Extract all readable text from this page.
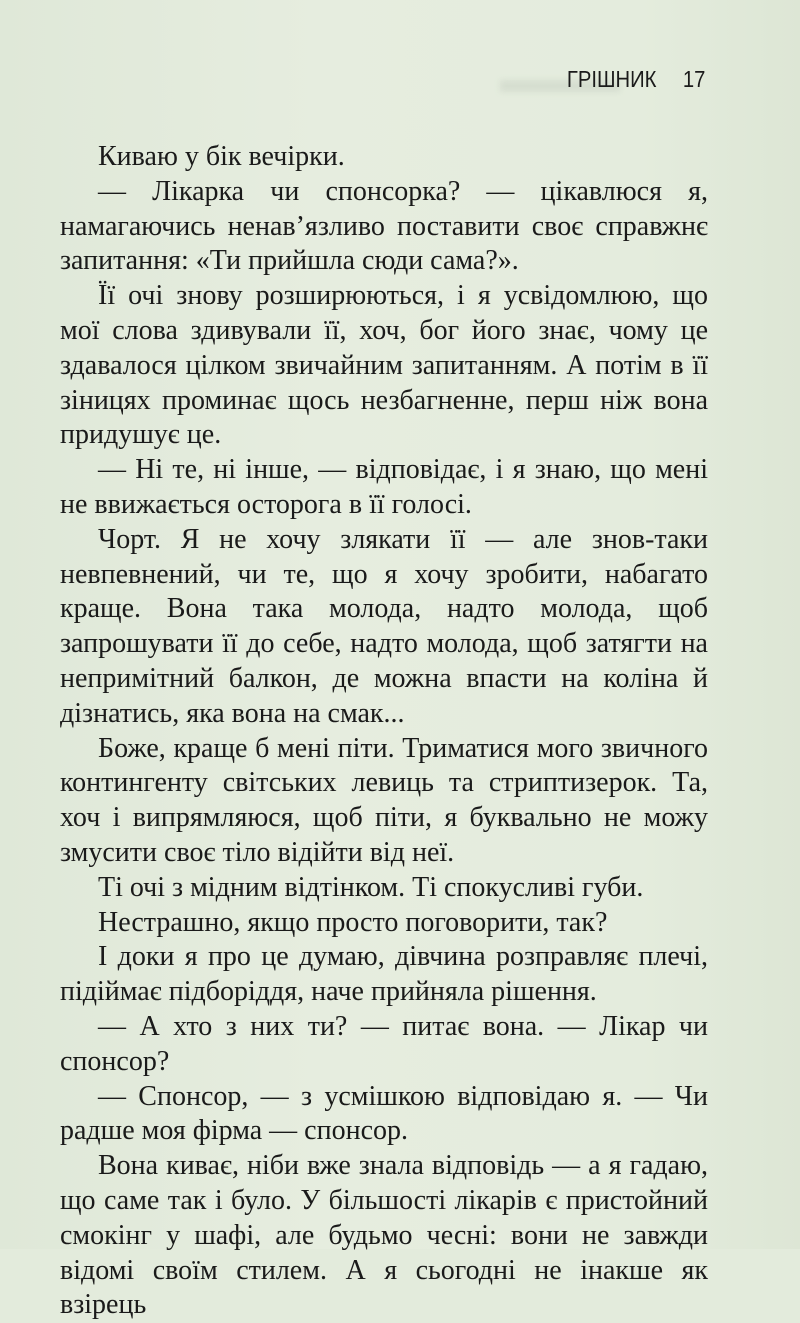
ГРІШНИК 17

Киваю у бік вечірки.

— Лікарка чи спонсорка? — цікавлюся я, намагаючись ненав’язливо поставити своє справжнє запитання: «Ти прийшла сюди сама?».

Її очі знову розширюються, і я усвідомлюю, що мої слова здивували її, хоч, бог його знає, чому це здавалося цілком звичайним запитанням. А потім в її зіницях проминає щось незбагненне, перш ніж вона придушує це.

— Ні те, ні інше, — відповідає, і я знаю, що мені не ввижається осторога в її голосі.

Чорт. Я не хочу злякати її — але знов-таки невпевнений, чи те, що я хочу зробити, набагато краще. Вона така молода, надто молода, щоб запрошувати її до себе, надто молода, щоб затягти на непримітний балкон, де можна впасти на коліна й дізнатись, яка вона на смак...

Боже, краще б мені піти. Триматися мого звичного контингенту світських левиць та стриптизерок. Та, хоч і випрямляюся, щоб піти, я буквально не можу змусити своє тіло відійти від неї.

Ті очі з мідним відтінком. Ті спокусливі губи.

Нестрашно, якщо просто поговорити, так?

І доки я про це думаю, дівчина розправляє плечі, підіймає підборіддя, наче прийняла рішення.

— А хто з них ти? — питає вона. — Лікар чи спонсор?

— Спонсор, — з усмішкою відповідаю я. — Чи радше моя фірма — спонсор.

Вона киває, ніби вже знала відповідь — а я гадаю, що саме так і було. У більшості лікарів є пристойний смокінг у шафі, але будьмо чесні: вони не завжди відомі своїм стилем. А я сьогодні не інакше як взірець
